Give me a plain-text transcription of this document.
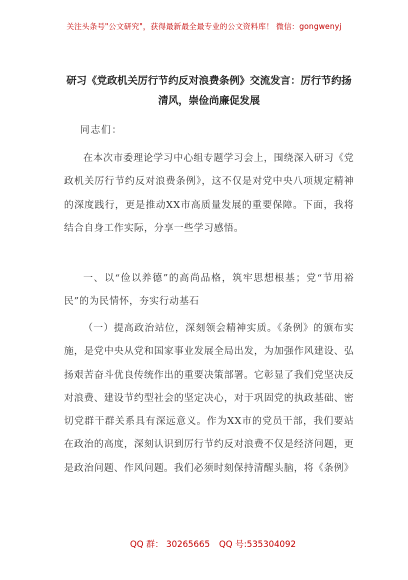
关注头条号"公文研究"，获得最新最全最专业的公文资料库！ 微信：gongwenyj
研习《党政机关厉行节约反对浪费条例》交流发言：厉行节约扬清风，崇俭尚廉促发展
同志们：
在本次市委理论学习中心组专题学习会上，围绕深入研习《党政机关厉行节约反对浪费条例》，这不仅是对党中央八项规定精神的深度践行，更是推动XX市高质量发展的重要保障。下面，我将结合自身工作实际，分享一些学习感悟。
一、以“俭以养德”的高尚品格，筑牢思想根基；党“节用裕民”的为民情怀，夯实行动基石
（一）提高政治站位，深刻领会精神实质。《条例》的颁布实施，是党中央从党和国家事业发展全局出发，为加强作风建设、弘扬艰苦奋斗优良传统作出的重要决策部署。它彰显了我们党坚决反对浪费、建设节约型社会的坚定决心，对于巩固党的执政基础、密切党群干群关系具有深远意义。作为XX市的党员干部，我们要站在政治的高度，深刻认识到厉行节约反对浪费不仅是经济问题，更是政治问题、作风问题。我们必须时刻保持清醒头脑，将《条例》
QQ 群： 30265665 QQ 号:535304092
